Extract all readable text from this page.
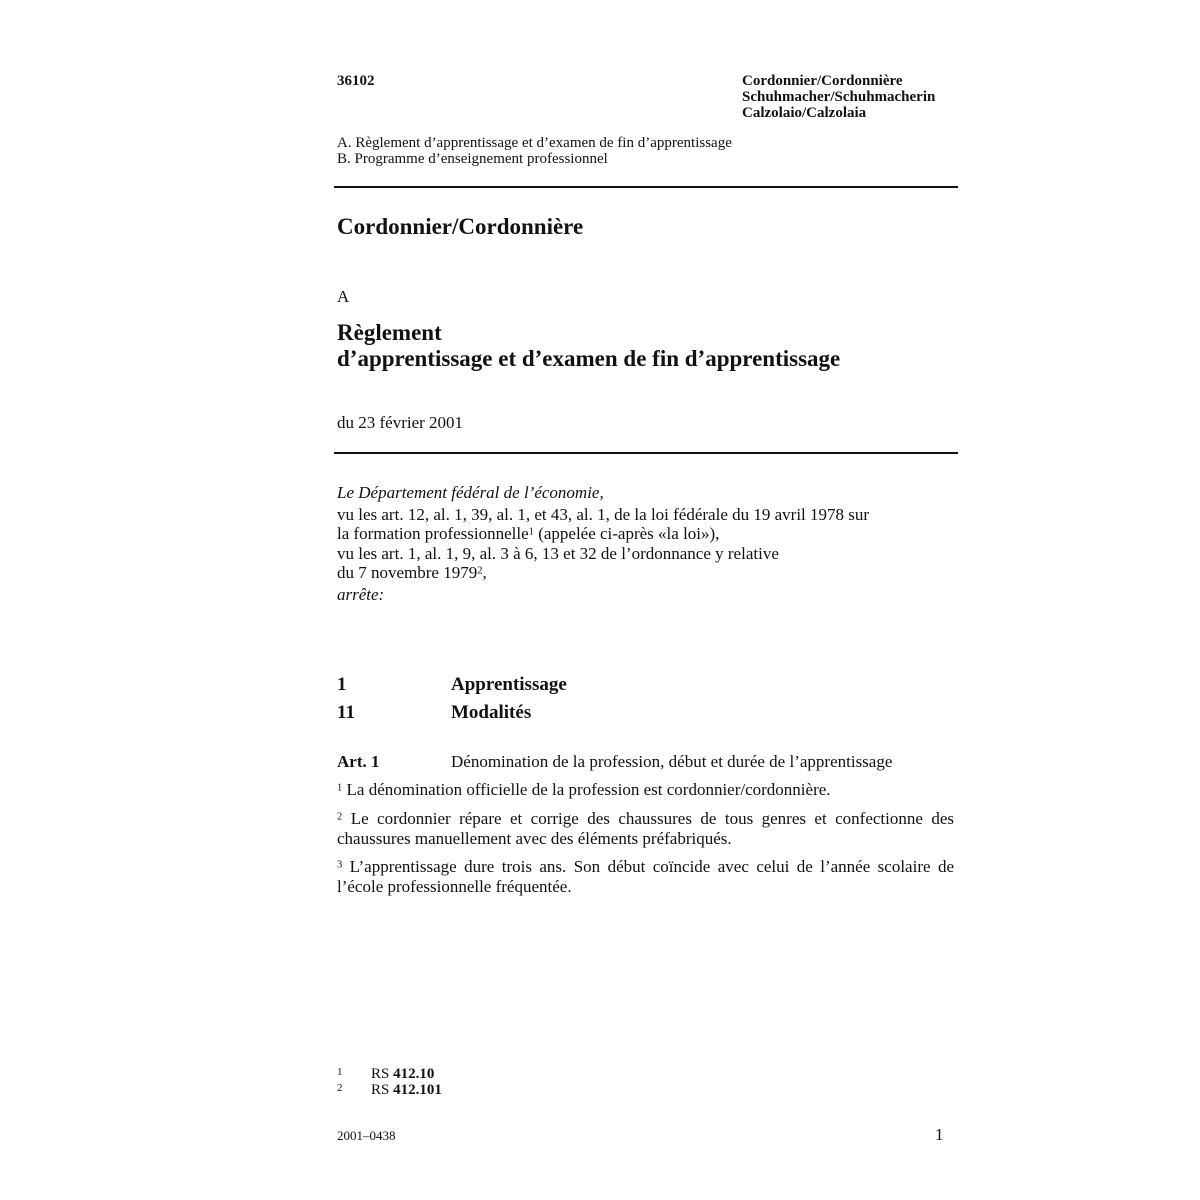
36102	Cordonnier/Cordonnière
Schuhmacher/Schuhmacherin
Calzolaio/Calzolaia
A. Règlement d’apprentissage et d’examen de fin d’apprentissage
B. Programme d’enseignement professionnel
Cordonnier/Cordonnière
A
Règlement
d’apprentissage et d’examen de fin d’apprentissage
du 23 février 2001
Le Département fédéral de l’économie,
vu les art. 12, al. 1, 39, al. 1, et 43, al. 1, de la loi fédérale du 19 avril 1978 sur
la formation professionnelle$^1$ (appelée ci-après «la loi»),
vu les art. 1, al. 1, 9, al. 3 à 6, 13 et 32 de l’ordonnance y relative
du 7 novembre 1979$^2$,
arrête:
1	Apprentissage
11	Modalités
Art. 1	Dénomination de la profession, début et durée de l’apprentissage
$^1$ La dénomination officielle de la profession est cordonnier/cordonnière.
$^2$ Le cordonnier répare et corrige des chaussures de tous genres et confectionne des chaussures manuellement avec des éléments préfabriqués.
$^3$ L’apprentissage dure trois ans. Son début coïncide avec celui de l’année scolaire de l’école professionnelle fréquentée.
1 RS 412.10
2 RS 412.101
2001–0438	1
